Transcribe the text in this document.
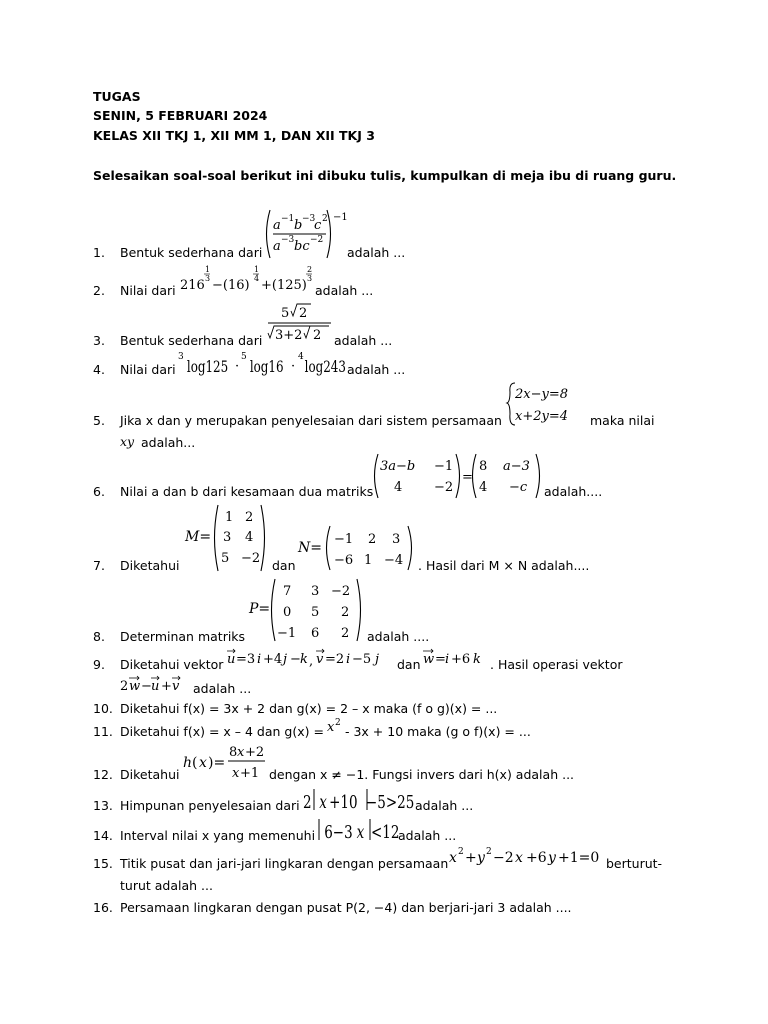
TUGAS
SENIN, 5 FEBRUARI 2024
KELAS XII TKJ 1, XII MM 1, DAN XII TKJ 3
Selesaikan soal-soal berikut ini dibuku tulis, kumpulkan di meja ibu di ruang guru.
1. Bentuk sederhana dari
a −1 b −3
c 2
a −3 bc −2
−1
adalah ...
2. Nilai dari 216
1
3 −(16)
1
4 +(125)
2
3
adalah ...
3. Bentuk sederhana dari
5 2
3+2 2 adalah ...
4. Nilai dari
3
log125 ·
5
log16 ·
4
log243 adalah ...
5. Jika x dan y merupakan penyelesaian dari sistem persamaan
2x−y=8
x+2y=4 maka nilai
xy adalah...
6. Nilai a dan b dari kesamaan dua matriks
3a−b −1
4 −2
=
8 a−3
4 −c adalah....
7. Diketahui
M=
1 2
3 4
5 −2 dan
N=
−1 2 3
−6 1 −4 . Hasil dari M × N adalah....
8. Determinan matriks
P=
7 3 −2
0 5 2
−1 6 2 adalah ....
9. Diketahui vektor u =3 i +4 j − k , v =2 i −5 j dan w = i +6 k . Hasil operasi vektor
2 w − u + v adalah ...
10. Diketahui f(x) = 3x + 2 dan g(x) = 2 – x maka (f o g)(x) = ...
11. Diketahui f(x) = x – 4 dan g(x) = x 2
- 3x + 10 maka (g o f)(x) = ...
12. Diketahui
h ( x )=
8 x +2
x +1 dengan x ≠ −1. Fungsi invers dari h(x) adalah ...
13. Himpunan penyelesaian dari 2 x +10 −5>25 adalah ...
14. Interval nilai x yang memenuhi 6−3 x <12
adalah ...
15. Titik pusat dan jari-jari lingkaran dengan persamaan x 2 + y 2 −2 x +6 y +1=0 berturut-
turut adalah ...
16. Persamaan lingkaran dengan pusat P(2, −4) dan berjari-jari 3 adalah ....
